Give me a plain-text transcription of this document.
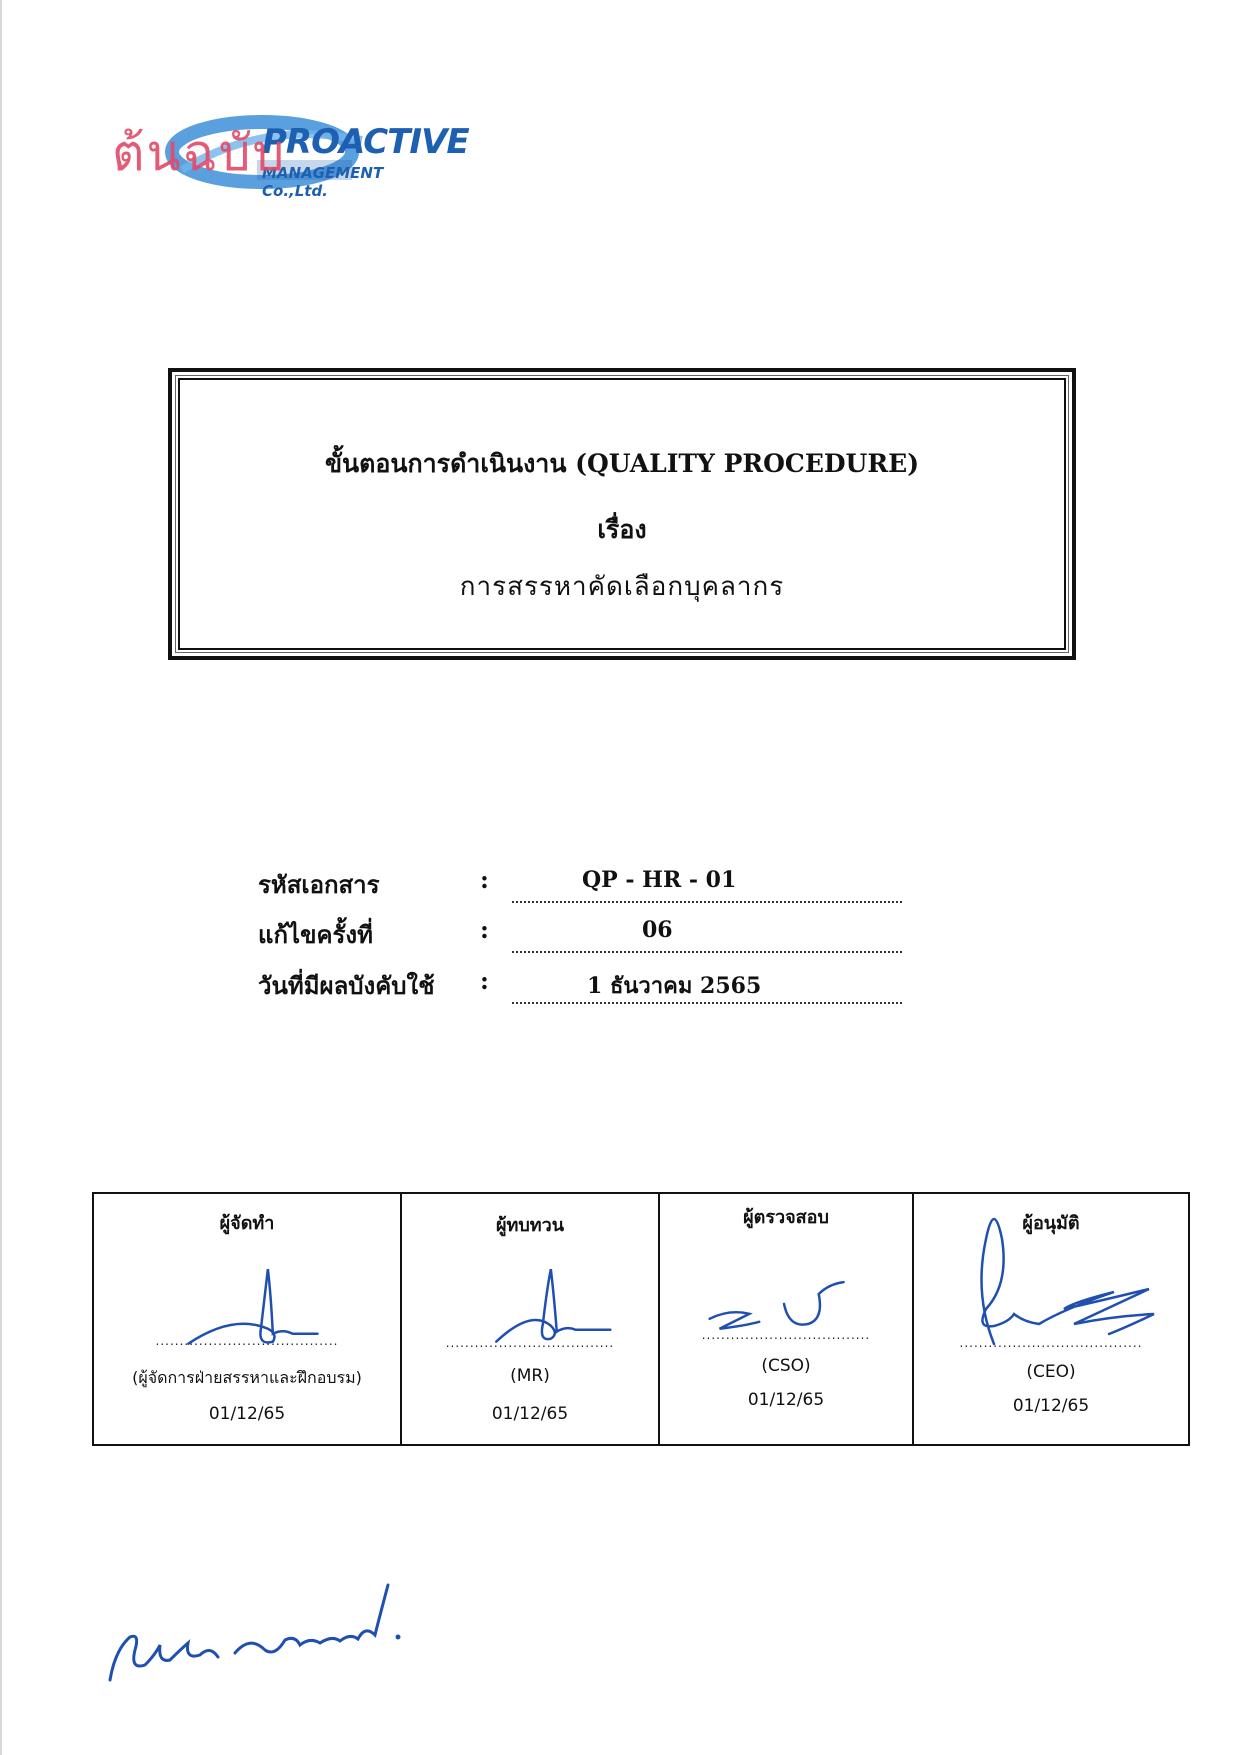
PROACTIVE
MANAGEMENT Co.,Ltd.
ต้นฉบับ
ขั้นตอนการดำเนินงาน (QUALITY PROCEDURE)
เรื่อง
การสรรหาคัดเลือกบุคลากร
รหัสเอกสาร	:	QP - HR - 01
แก้ไขครั้งที่	:	06
วันที่มีผลบังคับใช้ :	1 ธันวาคม 2565
ผู้จัดทำ
......................................
(ผู้จัดการฝ่ายสรรหาและฝึกอบรม)
01/12/65
ผู้ทบทวน
...................................
(MR)
01/12/65
ผู้ตรวจสอบ
...................................
(CSO)
01/12/65
ผู้อนุมัติ
......................................
(CEO)
01/12/65
